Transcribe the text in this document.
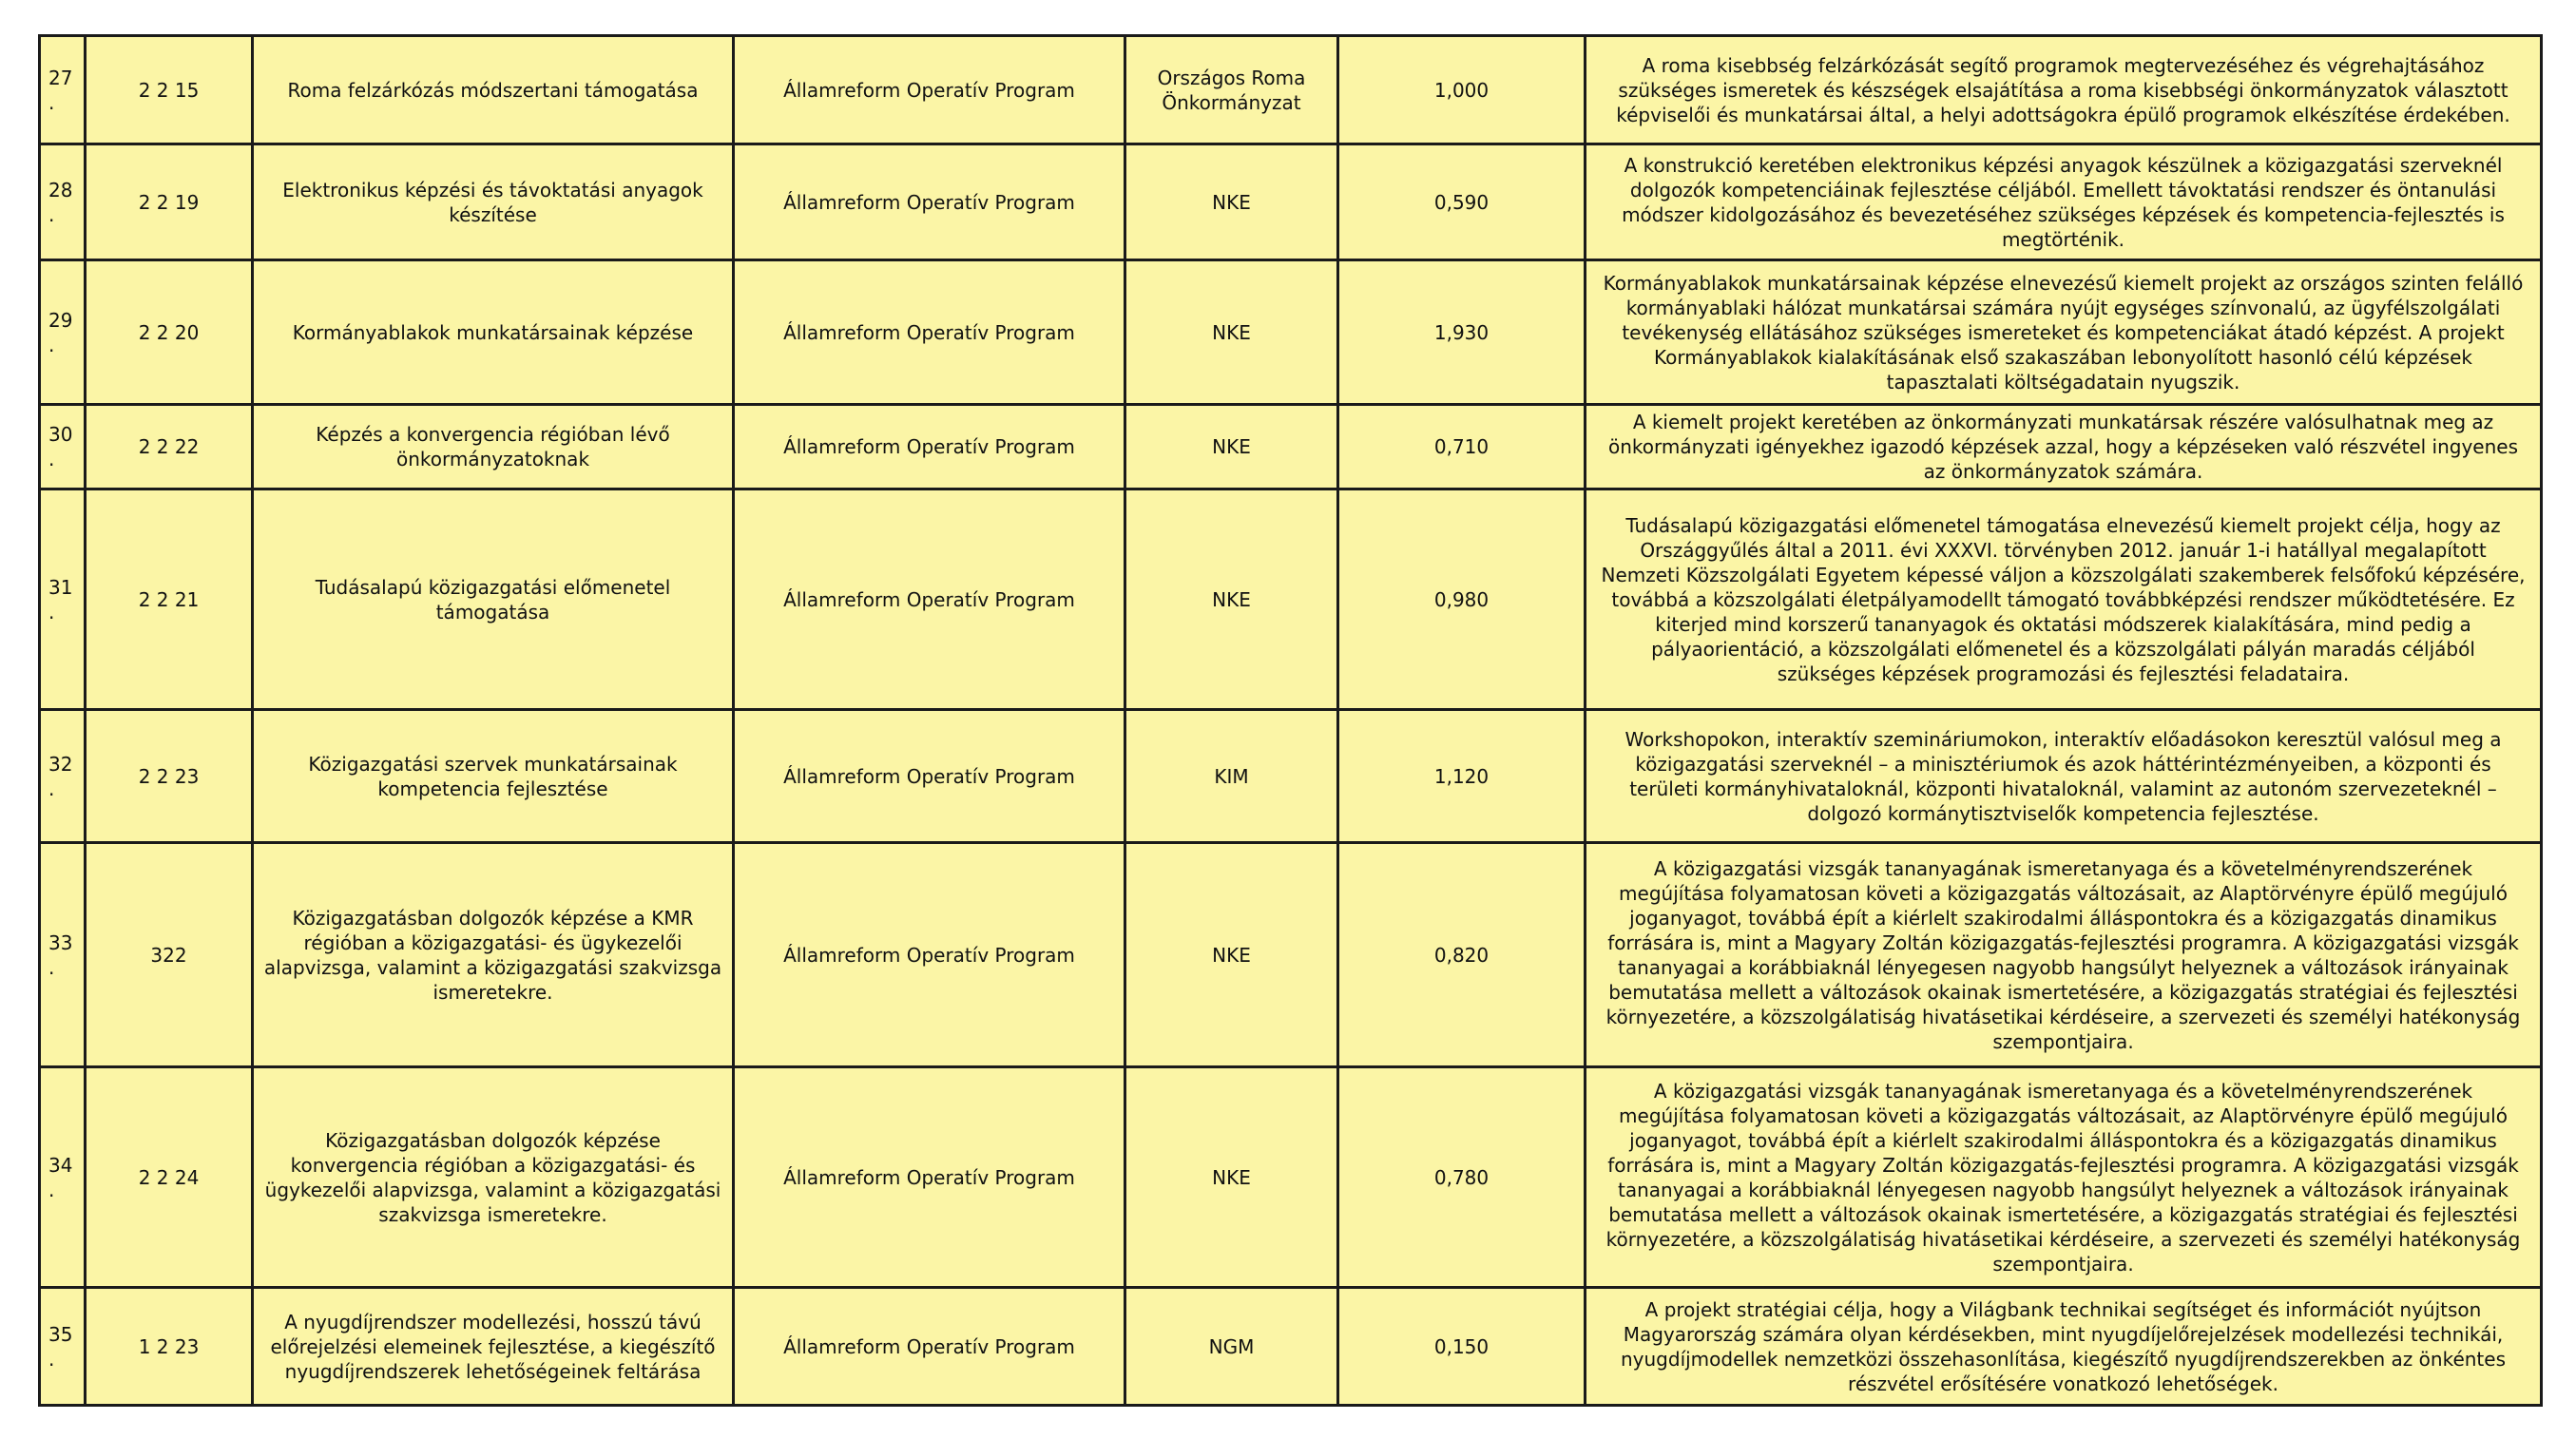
27.	2 2 15	Roma felzárkózás módszertani támogatása	Államreform Operatív Program	Országos Roma Önkormányzat	1,000	A roma kisebbség felzárkózását segítő programok megtervezéséhez és végrehajtásához szükséges ismeretek és készségek elsajátítása a roma kisebbségi önkormányzatok választott képviselői és munkatársai által, a helyi adottságokra épülő programok elkészítése érdekében.
28.	2 2 19	Elektronikus képzési és távoktatási anyagok készítése	Államreform Operatív Program	NKE	0,590	A konstrukció keretében elektronikus képzési anyagok készülnek a közigazgatási szerveknél dolgozók kompetenciáinak fejlesztése céljából. Emellett távoktatási rendszer és öntanulási módszer kidolgozásához és bevezetéséhez szükséges képzések és kompetencia-fejlesztés is megtörténik.
29.	2 2 20	Kormányablakok munkatársainak képzése	Államreform Operatív Program	NKE	1,930	Kormányablakok munkatársainak képzése elnevezésű kiemelt projekt az országos szinten felálló kormányablaki hálózat munkatársai számára nyújt egységes színvonalú, az ügyfélszolgálati tevékenység ellátásához szükséges ismereteket és kompetenciákat átadó képzést. A projekt Kormányablakok kialakításának első szakaszában lebonyolított hasonló célú képzések tapasztalati költségadatain nyugszik.
30.	2 2 22	Képzés a konvergencia régióban lévő önkormányzatoknak	Államreform Operatív Program	NKE	0,710	A kiemelt projekt keretében az önkormányzati munkatársak részére valósulhatnak meg az önkormányzati igényekhez igazodó képzések azzal, hogy a képzéseken való részvétel ingyenes az önkormányzatok számára.
31.	2 2 21	Tudásalapú közigazgatási előmenetel támogatása	Államreform Operatív Program	NKE	0,980	Tudásalapú közigazgatási előmenetel támogatása elnevezésű kiemelt projekt célja, hogy az Országgyűlés által a 2011. évi XXXVI. törvényben 2012. január 1-i hatállyal megalapított Nemzeti Közszolgálati Egyetem képessé váljon a közszolgálati szakemberek felsőfokú képzésére, továbbá a közszolgálati életpályamodellt támogató továbbképzési rendszer működtetésére. Ez kiterjed mind korszerű tananyagok és oktatási módszerek kialakítására, mind pedig a pályaorientáció, a közszolgálati előmenetel és a közszolgálati pályán maradás céljából szükséges képzések programozási és fejlesztési feladataira.
32.	2 2 23	Közigazgatási szervek munkatársainak kompetencia fejlesztése	Államreform Operatív Program	KIM	1,120	Workshopokon, interaktív szemináriumokon, interaktív előadásokon keresztül valósul meg a közigazgatási szerveknél – a minisztériumok és azok háttérintézményeiben, a központi és területi kormányhivataloknál, központi hivataloknál, valamint az autonóm szervezeteknél – dolgozó kormánytisztviselők kompetencia fejlesztése.
33.	322	Közigazgatásban dolgozók képzése a KMR régióban a közigazgatási- és ügykezelői alapvizsga, valamint a közigazgatási szakvizsga ismeretekre.	Államreform Operatív Program	NKE	0,820	A közigazgatási vizsgák tananyagának ismeretanyaga és a követelményrendszerének megújítása folyamatosan követi a közigazgatás változásait, az Alaptörvényre épülő megújuló joganyagot, továbbá épít a kiérlelt szakirodalmi álláspontokra és a közigazgatás dinamikus forrására is, mint a Magyary Zoltán közigazgatás-fejlesztési programra. A közigazgatási vizsgák tananyagai a korábbiaknál lényegesen nagyobb hangsúlyt helyeznek a változások irányainak bemutatása mellett a változások okainak ismertetésére, a közigazgatás stratégiai és fejlesztési környezetére, a közszolgálatiság hivatásetikai kérdéseire, a szervezeti és személyi hatékonyság szempontjaira.
34.	2 2 24	Közigazgatásban dolgozók képzése konvergencia régióban a közigazgatási- és ügykezelői alapvizsga, valamint a közigazgatási szakvizsga ismeretekre.	Államreform Operatív Program	NKE	0,780	A közigazgatási vizsgák tananyagának ismeretanyaga és a követelményrendszerének megújítása folyamatosan követi a közigazgatás változásait, az Alaptörvényre épülő megújuló joganyagot, továbbá épít a kiérlelt szakirodalmi álláspontokra és a közigazgatás dinamikus forrására is, mint a Magyary Zoltán közigazgatás-fejlesztési programra. A közigazgatási vizsgák tananyagai a korábbiaknál lényegesen nagyobb hangsúlyt helyeznek a változások irányainak bemutatása mellett a változások okainak ismertetésére, a közigazgatás stratégiai és fejlesztési környezetére, a közszolgálatiság hivatásetikai kérdéseire, a szervezeti és személyi hatékonyság szempontjaira.
35.	1 2 23	A nyugdíjrendszer modellezési, hosszú távú előrejelzési elemeinek fejlesztése, a kiegészítő nyugdíjrendszerek lehetőségeinek feltárása	Államreform Operatív Program	NGM	0,150	A projekt stratégiai célja, hogy a Világbank technikai segítséget és információt nyújtson Magyarország számára olyan kérdésekben, mint nyugdíjelőrejelzések modellezési technikái, nyugdíjmodellek nemzetközi összehasonlítása, kiegészítő nyugdíjrendszerekben az önkéntes részvétel erősítésére vonatkozó lehetőségek.
